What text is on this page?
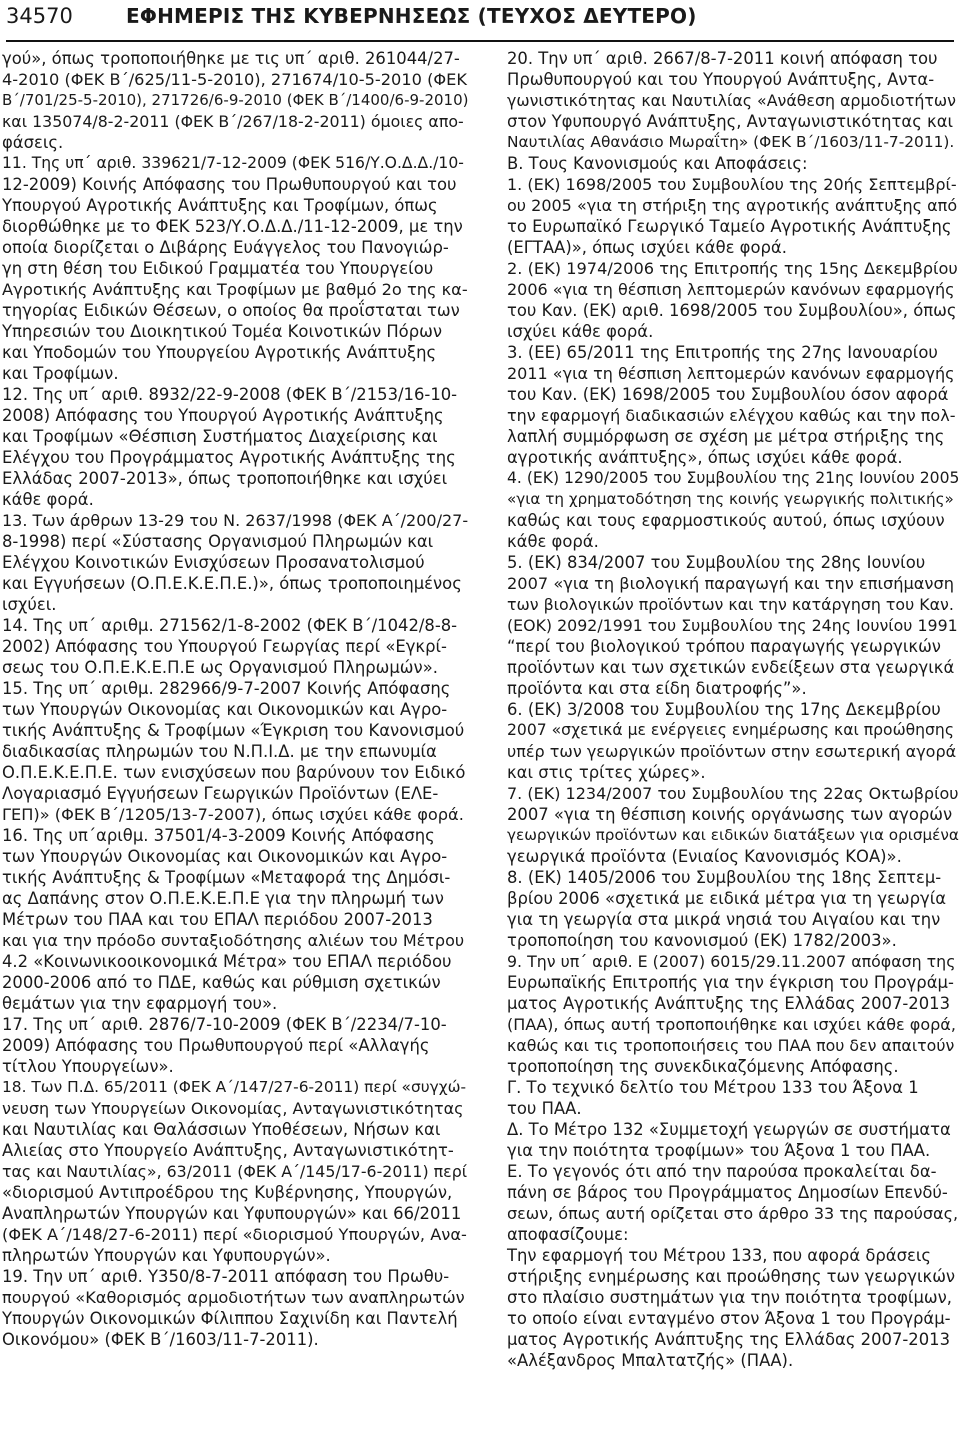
34570	ΕΦΗΜΕΡΙΣ ΤΗΣ ΚΥΒΕΡΝΗΣΕΩΣ (ΤΕΥΧΟΣ ΔΕΥΤΕΡΟ)

γού», όπως τροποποιήθηκε με τις υπ΄ αριθ. 261044/27-

4-2010 (ΦΕΚ Β΄/625/11-5-2010), 271674/10-5-2010 (ΦΕΚ

Β΄/701/25-5-2010), 271726/6-9-2010 (ΦΕΚ Β΄/1400/6-9-2010)

και 135074/8-2-2011 (ΦΕΚ Β΄/267/18-2-2011) όμοιες απο-

φάσεις.

11. Της υπ΄ αριθ. 339621/7-12-2009 (ΦΕΚ 516/Υ.Ο.Δ.Δ./10-

12-2009) Κοινής Απόφασης του Πρωθυπουργού και του

Υπουργού Αγροτικής Ανάπτυξης και Τροφίμων, όπως

διορθώθηκε με το ΦΕΚ 523/Υ.Ο.Δ.Δ./11-12-2009, με την

οποία διορίζεται ο Διβάρης Ευάγγελος του Πανογιώρ-

γη στη θέση του Ειδικού Γραμματέα του Υπουργείου

Αγροτικής Ανάπτυξης και Τροφίμων με βαθμό 2ο της κα-

τηγορίας Ειδικών Θέσεων, ο οποίος θα προΐσταται των

Υπηρεσιών του Διοικητικού Τομέα Κοινοτικών Πόρων

και Υποδομών του Υπουργείου Αγροτικής Ανάπτυξης

και Τροφίμων.

12. Της υπ΄ αριθ. 8932/22-9-2008 (ΦΕΚ Β΄/2153/16-10-

2008) Απόφασης του Υπουργού Αγροτικής Ανάπτυξης

και Τροφίμων «Θέσπιση Συστήματος Διαχείρισης και

Ελέγχου του Προγράμματος Αγροτικής Ανάπτυξης της

Ελλάδας 2007-2013», όπως τροποποιήθηκε και ισχύει

κάθε φορά.

13. Των άρθρων 13-29 του Ν. 2637/1998 (ΦΕΚ Α΄/200/27-

8-1998) περί «Σύστασης Οργανισμού Πληρωμών και

Ελέγχου Κοινοτικών Ενισχύσεων Προσανατολισμού

και Εγγυήσεων (Ο.Π.Ε.Κ.Ε.Π.Ε.)», όπως τροποποιημένος

ισχύει.

14. Της υπ΄ αριθμ. 271562/1-8-2002 (ΦΕΚ Β΄/1042/8-8-

2002) Απόφασης του Υπουργού Γεωργίας περί «Εγκρί-

σεως του Ο.Π.Ε.Κ.Ε.Π.Ε ως Οργανισμού Πληρωμών».

15. Της υπ΄ αριθμ. 282966/9-7-2007 Κοινής Απόφασης

των Υπουργών Οικονομίας και Οικονομικών και Αγρο-

τικής Ανάπτυξης & Τροφίμων «Έγκριση του Κανονισμού

διαδικασίας πληρωμών του Ν.Π.Ι.Δ. με την επωνυμία

Ο.Π.Ε.Κ.Ε.Π.Ε. των ενισχύσεων που βαρύνουν τον Ειδικό

Λογαριασμό Εγγυήσεων Γεωργικών Προϊόντων (ΕΛΕ-

ΓΕΠ)» (ΦΕΚ Β΄/1205/13-7-2007), όπως ισχύει κάθε φορά.

16. Της υπ΄αριθμ. 37501/4-3-2009 Κοινής Απόφασης

των Υπουργών Οικονομίας και Οικονομικών και Αγρο-

τικής Ανάπτυξης & Τροφίμων «Μεταφορά της Δημόσι-

ας Δαπάνης στον Ο.Π.Ε.Κ.Ε.Π.Ε για την πληρωμή των

Μέτρων του ΠΑΑ και του ΕΠΑΛ περιόδου 2007-2013

και για την πρόοδο συνταξιοδότησης αλιέων του Μέτρου

4.2 «Κοινωνικοοικονομικά Μέτρα» του ΕΠΑΛ περιόδου

2000-2006 από το ΠΔΕ, καθώς και ρύθμιση σχετικών

θεμάτων για την εφαρμογή του».

17. Της υπ΄ αριθ. 2876/7-10-2009 (ΦΕΚ Β΄/2234/7-10-

2009) Απόφασης του Πρωθυπουργού περί «Αλλαγής

τίτλου Υπουργείων».

18. Των Π.Δ. 65/2011 (ΦΕΚ Α΄/147/27-6-2011) περί «συγχώ-

νευση των Υπουργείων Οικονομίας, Ανταγωνιστικότητας

και Ναυτιλίας και Θαλάσσιων Υποθέσεων, Νήσων και

Αλιείας στο Υπουργείο Ανάπτυξης, Ανταγωνιστικότητ-

τας και Ναυτιλίας», 63/2011 (ΦΕΚ Α΄/145/17-6-2011) περί

«διορισμού Αντιπροέδρου της Κυβέρνησης, Υπουργών,

Αναπληρωτών Υπουργών και Υφυπουργών» και 66/2011

(ΦΕΚ Α΄/148/27-6-2011) περί «διορισμού Υπουργών, Ανα-

πληρωτών Υπουργών και Υφυπουργών».

19. Την υπ΄ αριθ. Υ350/8-7-2011 απόφαση του Πρωθυ-

πουργού «Καθορισμός αρμοδιοτήτων των αναπληρωτών

Υπουργών Οικονομικών Φίλιππου Σαχινίδη και Παντελή

Οικονόμου» (ΦΕΚ Β΄/1603/11-7-2011).

20. Την υπ΄ αριθ. 2667/8-7-2011 κοινή απόφαση του

Πρωθυπουργού και του Υπουργού Ανάπτυξης, Αντα-

γωνιστικότητας και Ναυτιλίας «Ανάθεση αρμοδιοτήτων

στον Υφυπουργό Ανάπτυξης, Ανταγωνιστικότητας και

Ναυτιλίας Αθανάσιο Μωραΐτη» (ΦΕΚ Β΄/1603/11-7-2011).

Β. Τους Κανονισμούς και Αποφάσεις:

1. (ΕΚ) 1698/2005 του Συμβουλίου της 20ής Σεπτεμβρί-

ου 2005 «για τη στήριξη της αγροτικής ανάπτυξης από

το Ευρωπαϊκό Γεωργικό Ταμείο Αγροτικής Ανάπτυξης

(ΕΓΤΑΑ)», όπως ισχύει κάθε φορά.

2. (ΕΚ) 1974/2006 της Επιτροπής της 15ης Δεκεμβρίου

2006 «για τη θέσπιση λεπτομερών κανόνων εφαρμογής

του Καν. (ΕΚ) αριθ. 1698/2005 του Συμβουλίου», όπως

ισχύει κάθε φορά.

3. (ΕΕ) 65/2011 της Επιτροπής της 27ης Ιανουαρίου

2011 «για τη θέσπιση λεπτομερών κανόνων εφαρμογής

του Καν. (ΕΚ) 1698/2005 του Συμβουλίου όσον αφορά

την εφαρμογή διαδικασιών ελέγχου καθώς και την πολ-

λαπλή συμμόρφωση σε σχέση με μέτρα στήριξης της

αγροτικής ανάπτυξης», όπως ισχύει κάθε φορά.

4. (ΕΚ) 1290/2005 του Συμβουλίου της 21ης Ιουνίου 2005

«για τη χρηματοδότηση της κοινής γεωργικής πολιτικής»

καθώς και τους εφαρμοστικούς αυτού, όπως ισχύουν

κάθε φορά.

5. (ΕΚ) 834/2007 του Συμβουλίου της 28ης Ιουνίου

2007 «για τη βιολογική παραγωγή και την επισήμανση

των βιολογικών προϊόντων και την κατάργηση του Καν.

(ΕΟΚ) 2092/1991 του Συμβουλίου της 24ης Ιουνίου 1991

“περί του βιολογικού τρόπου παραγωγής γεωργικών

προϊόντων και των σχετικών ενδείξεων στα γεωργικά

προϊόντα και στα είδη διατροφής”».

6. (ΕΚ) 3/2008 του Συμβουλίου της 17ης Δεκεμβρίου

2007 «σχετικά με ενέργειες ενημέρωσης και προώθησης

υπέρ των γεωργικών προϊόντων στην εσωτερική αγορά

και στις τρίτες χώρες».

7. (ΕΚ) 1234/2007 του Συμβουλίου της 22ας Οκτωβρίου

2007 «για τη θέσπιση κοινής οργάνωσης των αγορών

γεωργικών προϊόντων και ειδικών διατάξεων για ορισμένα

γεωργικά προϊόντα (Ενιαίος Κανονισμός ΚΟΑ)».

8. (ΕΚ) 1405/2006 του Συμβουλίου της 18ης Σεπτεμ-

βρίου 2006 «σχετικά με ειδικά μέτρα για τη γεωργία

για τη γεωργία στα μικρά νησιά του Αιγαίου και την

τροποποίηση του κανονισμού (ΕΚ) 1782/2003».

9. Την υπ΄ αριθ. Ε (2007) 6015/29.11.2007 απόφαση της

Ευρωπαϊκής Επιτροπής για την έγκριση του Προγράμ-

ματος Αγροτικής Ανάπτυξης της Ελλάδας 2007-2013

(ΠΑΑ), όπως αυτή τροποποιήθηκε και ισχύει κάθε φορά,

καθώς και τις τροποποιήσεις του ΠΑΑ που δεν απαιτούν

τροποποίηση της συνεκδικαζόμενης Απόφασης.

Γ. Το τεχνικό δελτίο του Μέτρου 133 του Άξονα 1

του ΠΑΑ.

Δ. Το Μέτρο 132 «Συμμετοχή γεωργών σε συστήματα

για την ποιότητα τροφίμων» του Άξονα 1 του ΠΑΑ.

Ε. Το γεγονός ότι από την παρούσα προκαλείται δα-

πάνη σε βάρος του Προγράμματος Δημοσίων Επενδύ-

σεων, όπως αυτή ορίζεται στο άρθρο 33 της παρούσας,

αποφασίζουμε:

Την εφαρμογή του Μέτρου 133, που αφορά δράσεις

στήριξης ενημέρωσης και προώθησης των γεωργικών

στο πλαίσιο συστημάτων για την ποιότητα τροφίμων,

το οποίο είναι ενταγμένο στον Άξονα 1 του Προγράμ-

ματος Αγροτικής Ανάπτυξης της Ελλάδας 2007-2013

«Αλέξανδρος Μπαλτατζής» (ΠΑΑ).
